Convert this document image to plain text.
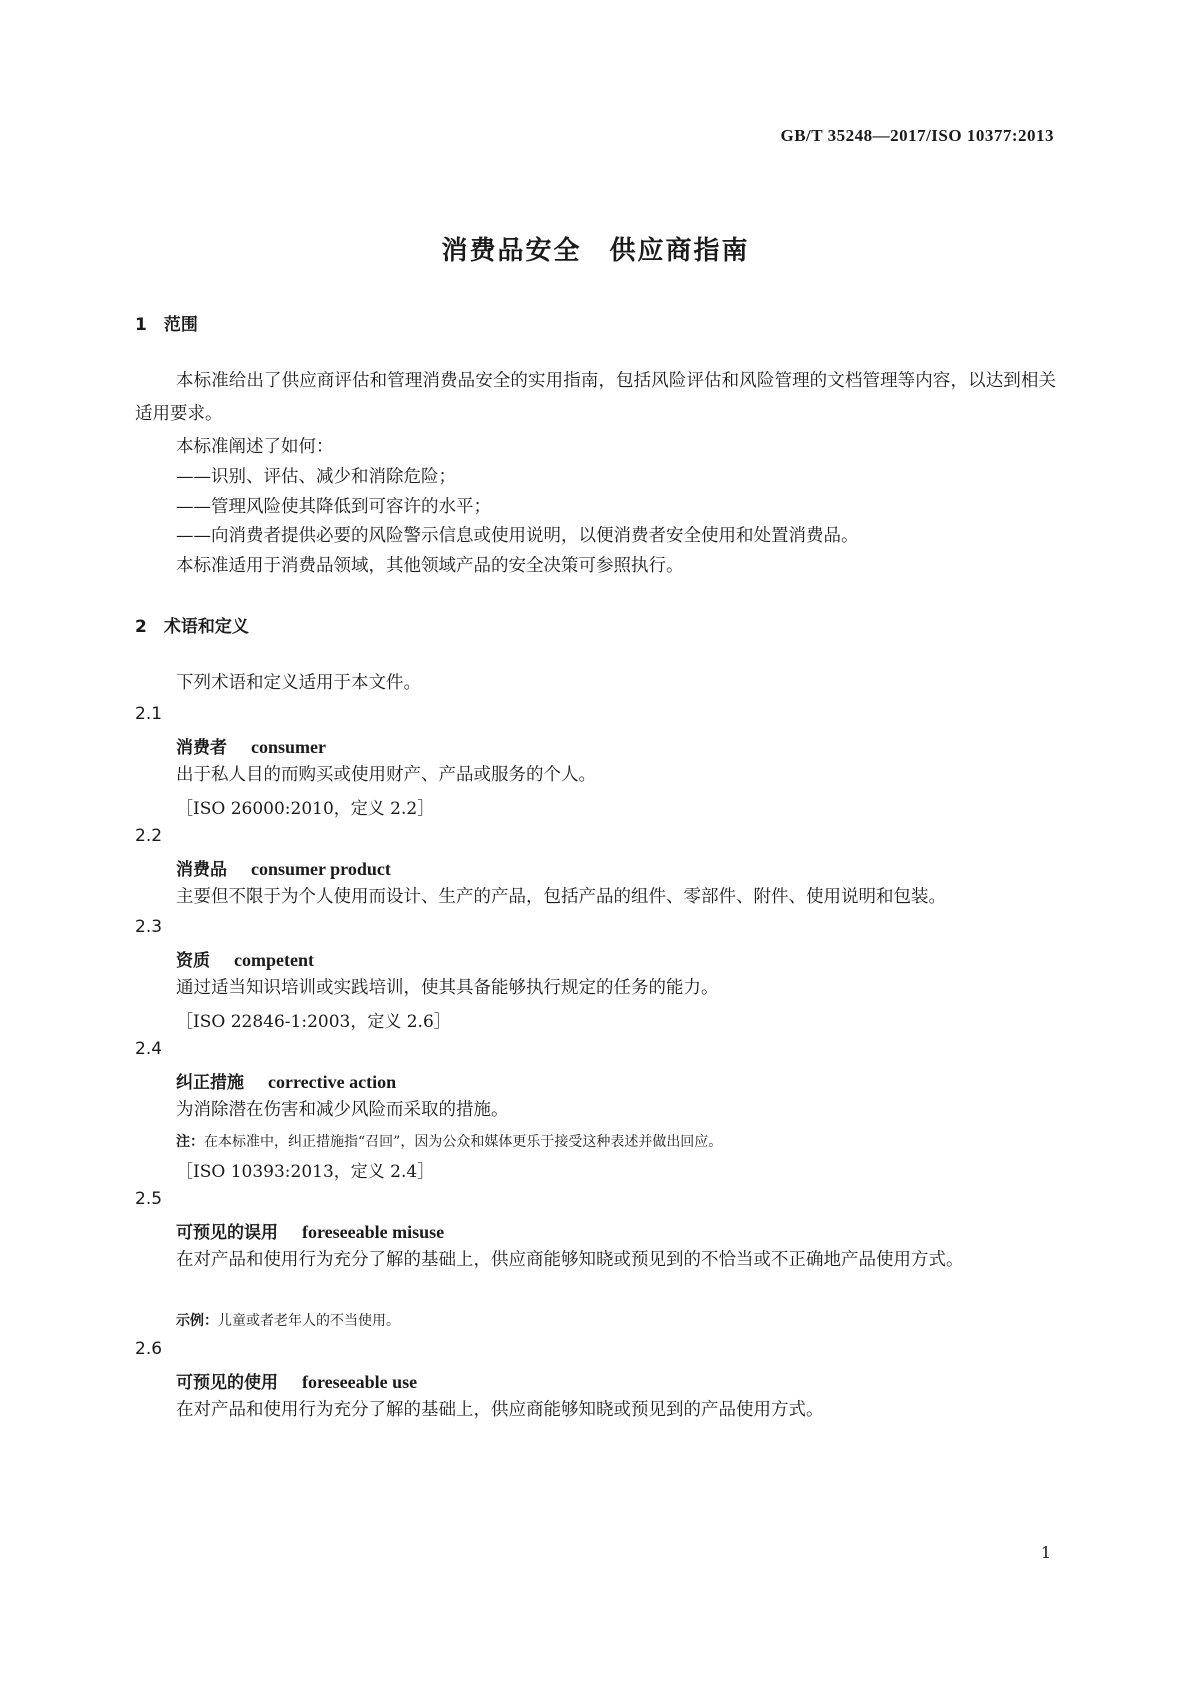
GB/T 35248—2017/ISO 10377:2013
消费品安全　供应商指南
1　范围
本标准给出了供应商评估和管理消费品安全的实用指南，包括风险评估和风险管理的文档管理等内容，以达到相关适用要求。
本标准阐述了如何：
——识别、评估、减少和消除危险；
——管理风险使其降低到可容许的水平；
——向消费者提供必要的风险警示信息或使用说明，以便消费者安全使用和处置消费品。
本标准适用于消费品领域，其他领域产品的安全决策可参照执行。
2　术语和定义
下列术语和定义适用于本文件。
2.1
消费者 consumer
出于私人目的而购买或使用财产、产品或服务的个人。
［ISO 26000:2010，定义 2.2］
2.2
消费品 consumer product
主要但不限于为个人使用而设计、生产的产品，包括产品的组件、零部件、附件、使用说明和包装。
2.3
资质 competent
通过适当知识培训或实践培训，使其具备能够执行规定的任务的能力。
［ISO 22846-1:2003，定义 2.6］
2.4
纠正措施 corrective action
为消除潜在伤害和减少风险而采取的措施。
注：在本标准中，纠正措施指“召回”，因为公众和媒体更乐于接受这种表述并做出回应。
［ISO 10393:2013，定义 2.4］
2.5
可预见的误用 foreseeable misuse
在对产品和使用行为充分了解的基础上，供应商能够知晓或预见到的不恰当或不正确地产品使用方式。
示例：儿童或者老年人的不当使用。
2.6
可预见的使用 foreseeable use
在对产品和使用行为充分了解的基础上，供应商能够知晓或预见到的产品使用方式。
1
